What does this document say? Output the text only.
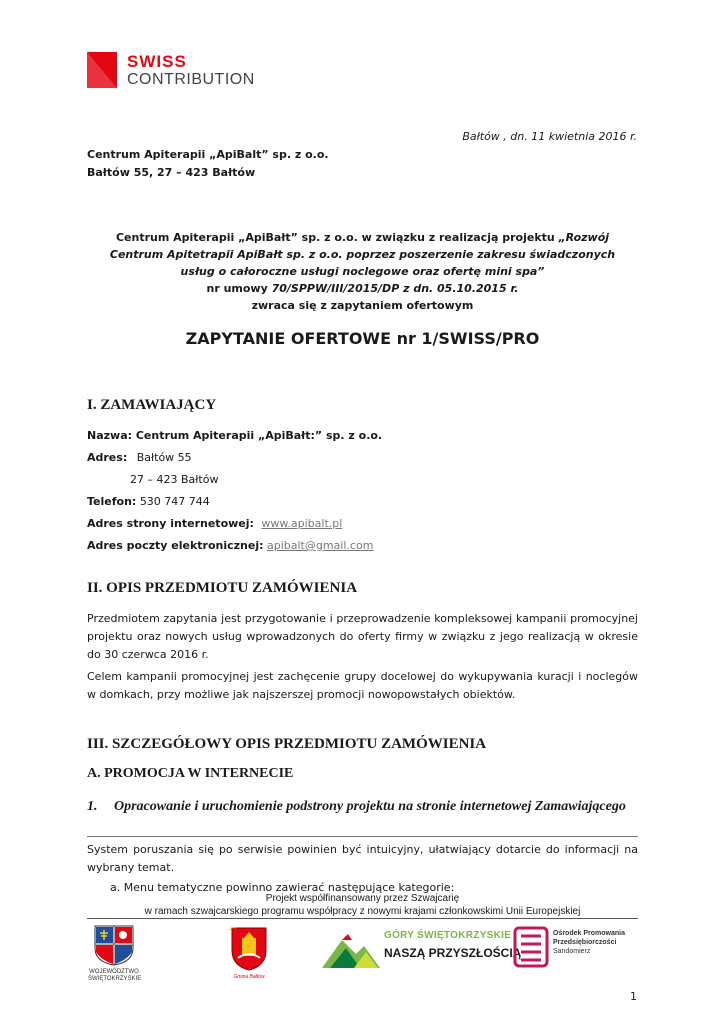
SWISS
CONTRIBUTION
Bałtów , dn. 11 kwietnia 2016 r.
Centrum Apiterapii „ApiBalt” sp. z o.o.
Bałtów 55, 27 – 423 Bałtów
Centrum Apiterapii „ApiBałt” sp. z o.o. w związku z realizacją projektu „Rozwój Centrum Apitetrapii ApiBałt sp. z o.o. poprzez poszerzenie zakresu świadczonych usług o całoroczne usługi noclegowe oraz ofertę mini spa”
nr umowy 70/SPPW/III/2015/DP z dn. 05.10.2015 r.
zwraca się z zapytaniem ofertowym
ZAPYTANIE OFERTOWE nr 1/SWISS/PRO
I. ZAMAWIAJĄCY
Nazwa: Centrum Apiterapii „ApiBałt:” sp. z o.o.
Adres: Bałtów 55
27 – 423 Bałtów
Telefon: 530 747 744
Adres strony internetowej: www.apibalt.pl
Adres poczty elektronicznej: apibalt@gmail.com
II. OPIS PRZEDMIOTU ZAMÓWIENIA
Przedmiotem zapytania jest przygotowanie i przeprowadzenie kompleksowej kampanii promocyjnej projektu oraz nowych usług wprowadzonych do oferty firmy w związku z jego realizacją w okresie do 30 czerwca 2016 r.
Celem kampanii promocyjnej jest zachęcenie grupy docelowej do wykupywania kuracji i noclegów w domkach, przy możliwe jak najszerszej promocji nowopowstałych obiektów.
III. SZCZEGÓŁOWY OPIS PRZEDMIOTU ZAMÓWIENIA
A. PROMOCJA W INTERNECIE
1. Opracowanie i uruchomienie podstrony projektu na stronie internetowej Zamawiającego
System poruszania się po serwisie powinien być intuicyjny, ułatwiający dotarcie do informacji na wybrany temat.
a. Menu tematyczne powinno zawierać następujące kategorie:
Projekt współfinansowany przez Szwajcarię
w ramach szwajcarskiego programu współpracy z nowymi krajami członkowskimi Unii Europejskiej
WOJEWÓDZTWO
ŚWIĘTOKRZYSKIE	Gmina Bałtów
GÓRY ŚWIĘTOKRZYSKIE
NASZĄ PRZYSZŁOŚCIĄ
Ośrodek Promowania
Przedsiębiorczości
Sandomierz
1
